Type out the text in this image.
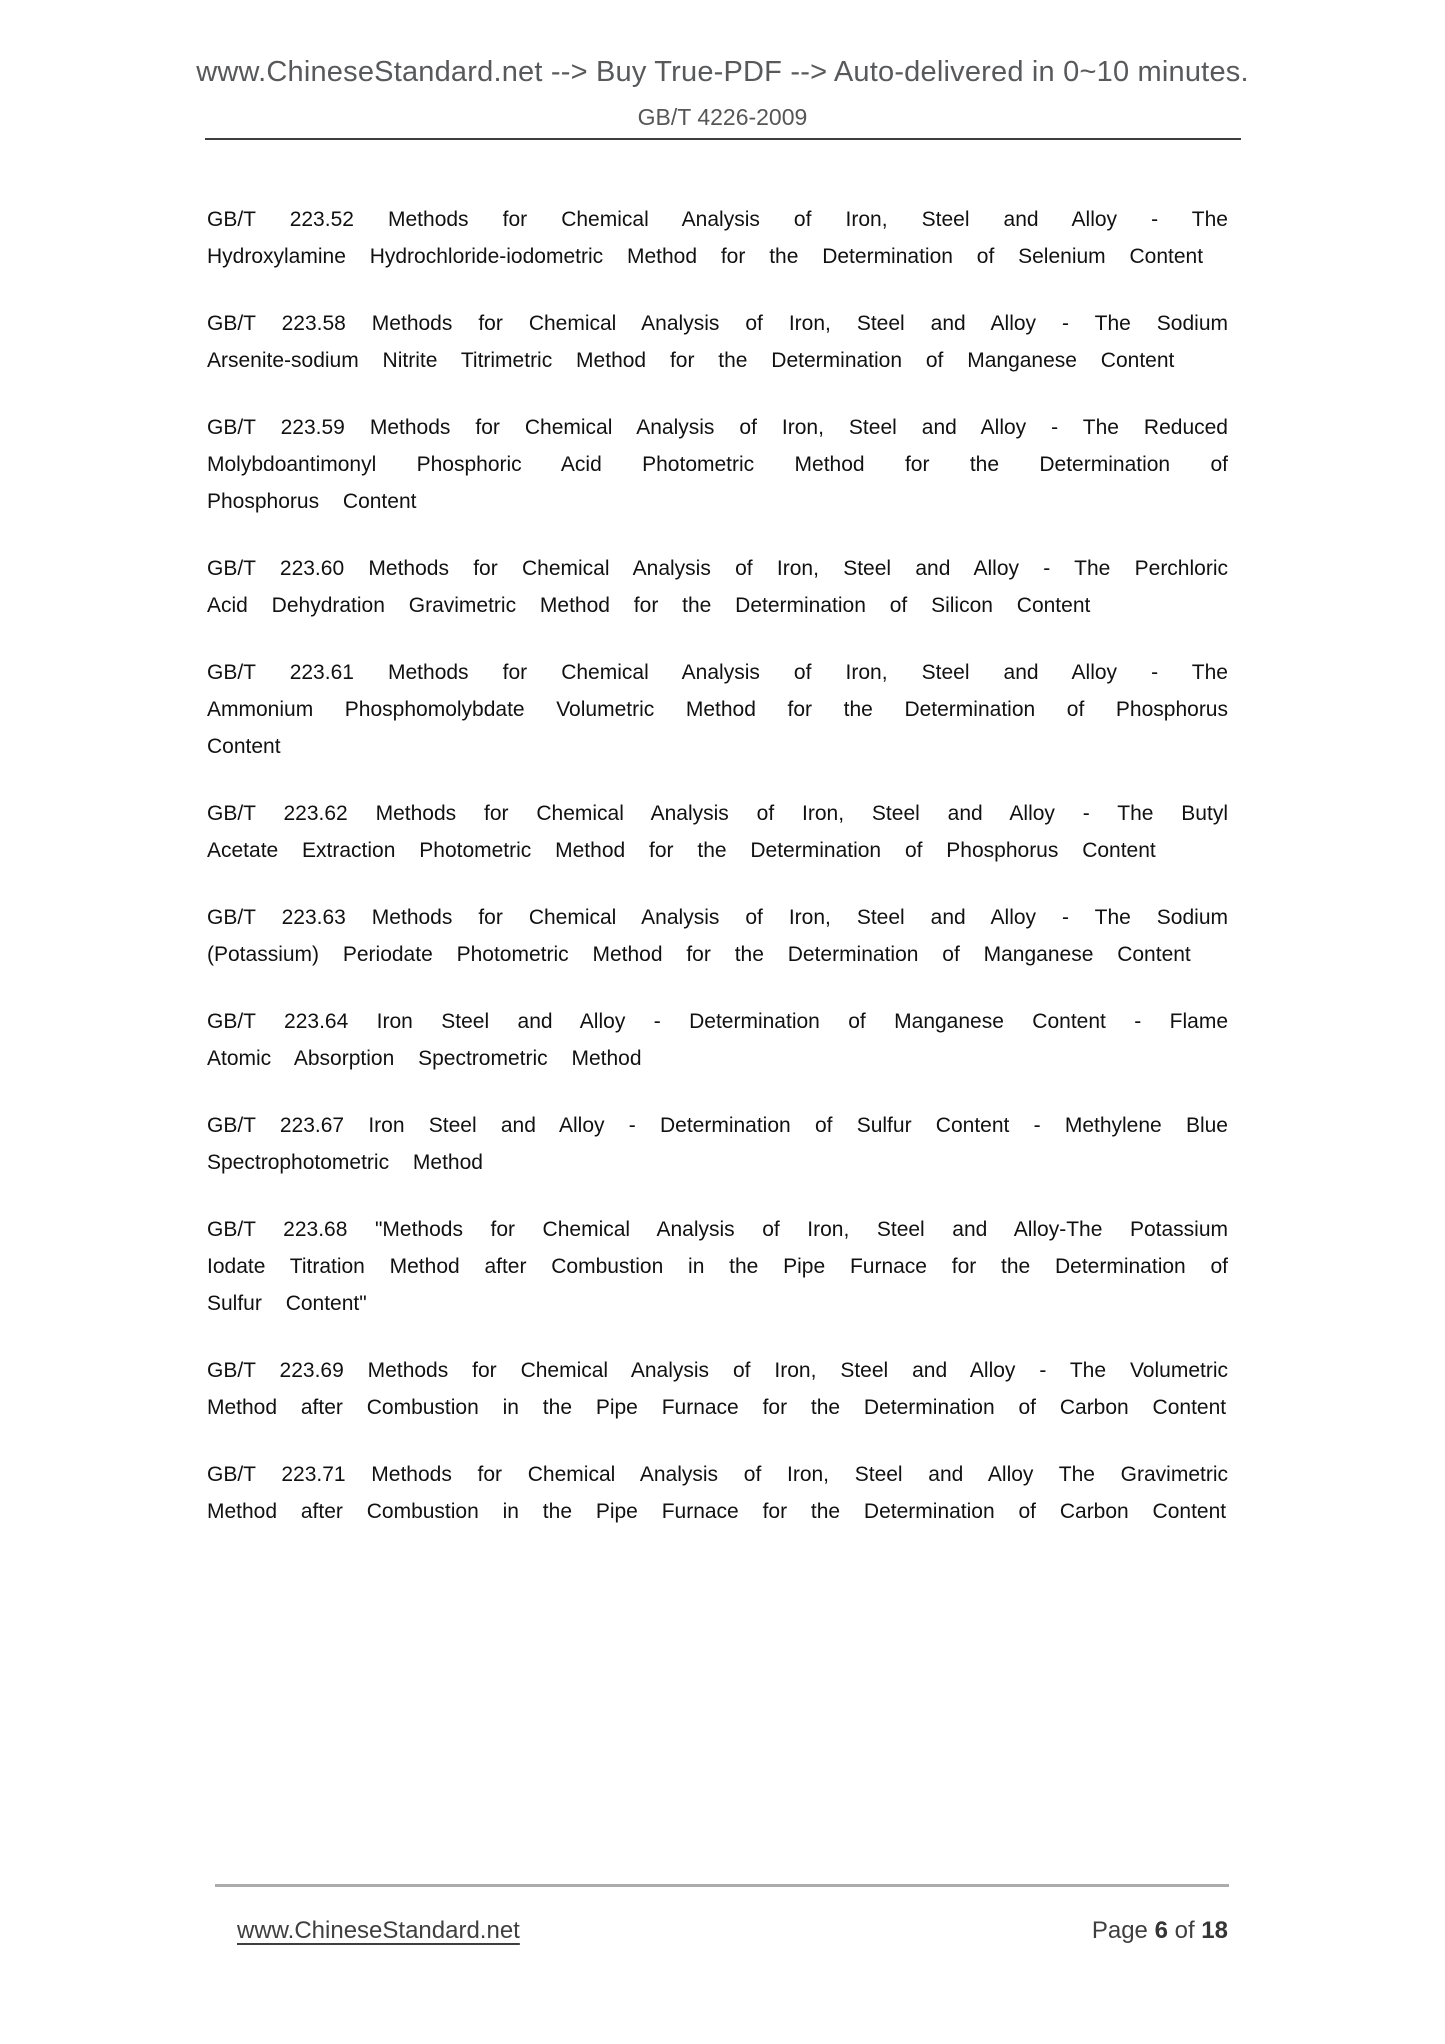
www.ChineseStandard.net --> Buy True-PDF --> Auto-delivered in 0~10 minutes.
GB/T 4226-2009

GB/T 223.52 Methods for Chemical Analysis of Iron, Steel and Alloy - The Hydroxylamine Hydrochloride-iodometric Method for the Determination of Selenium Content

GB/T 223.58 Methods for Chemical Analysis of Iron, Steel and Alloy - The Sodium Arsenite-sodium Nitrite Titrimetric Method for the Determination of Manganese Content

GB/T 223.59 Methods for Chemical Analysis of Iron, Steel and Alloy - The Reduced Molybdoantimonyl Phosphoric Acid Photometric Method for the Determination of Phosphorus Content

GB/T 223.60 Methods for Chemical Analysis of Iron, Steel and Alloy - The Perchloric Acid Dehydration Gravimetric Method for the Determination of Silicon Content

GB/T 223.61 Methods for Chemical Analysis of Iron, Steel and Alloy - The Ammonium Phosphomolybdate Volumetric Method for the Determination of Phosphorus Content

GB/T 223.62 Methods for Chemical Analysis of Iron, Steel and Alloy - The Butyl Acetate Extraction Photometric Method for the Determination of Phosphorus Content

GB/T 223.63 Methods for Chemical Analysis of Iron, Steel and Alloy - The Sodium (Potassium) Periodate Photometric Method for the Determination of Manganese Content

GB/T 223.64 Iron Steel and Alloy - Determination of Manganese Content - Flame Atomic Absorption Spectrometric Method

GB/T 223.67 Iron Steel and Alloy - Determination of Sulfur Content - Methylene Blue Spectrophotometric Method

GB/T 223.68 "Methods for Chemical Analysis of Iron, Steel and Alloy-The Potassium Iodate Titration Method after Combustion in the Pipe Furnace for the Determination of Sulfur Content"

GB/T 223.69 Methods for Chemical Analysis of Iron, Steel and Alloy - The Volumetric Method after Combustion in the Pipe Furnace for the Determination of Carbon Content

GB/T 223.71 Methods for Chemical Analysis of Iron, Steel and Alloy The Gravimetric Method after Combustion in the Pipe Furnace for the Determination of Carbon Content

www.ChineseStandard.net	Page 6 of 18
